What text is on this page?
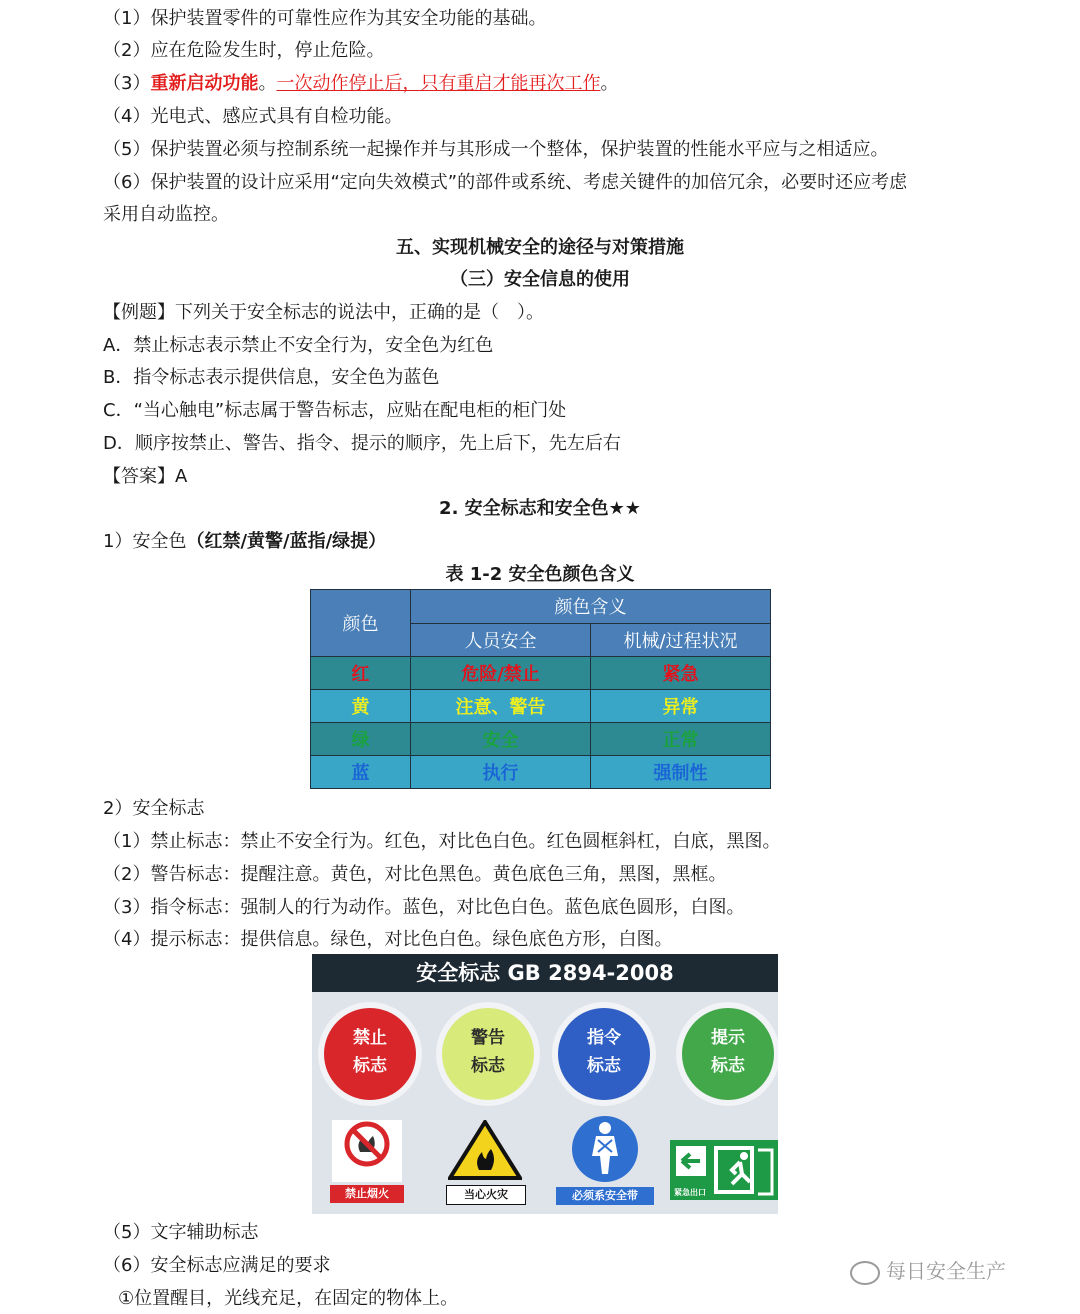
（1）保护装置零件的可靠性应作为其安全功能的基础。
（2）应在危险发生时，停止危险。
（3）重新启动功能。一次动作停止后，只有重启才能再次工作。
（4）光电式、感应式具有自检功能。
（5）保护装置必须与控制系统一起操作并与其形成一个整体，保护装置的性能水平应与之相适应。
（6）保护装置的设计应采用“定向失效模式”的部件或系统、考虑关键件的加倍冗余，必要时还应考虑
采用自动监控。
五、实现机械安全的途径与对策措施
（三）安全信息的使用
【例题】下列关于安全标志的说法中，正确的是（　）。
A．禁止标志表示禁止不安全行为，安全色为红色
B．指令标志表示提供信息，安全色为蓝色
C．“当心触电”标志属于警告标志，应贴在配电柜的柜门处
D．顺序按禁止、警告、指令、提示的顺序，先上后下，先左后右
【答案】A
2. 安全标志和安全色★★
1）安全色（红禁/黄警/蓝指/绿提）
表 1-2 安全色颜色含义
颜色	颜色含义	
	人员安全	机械/过程状况
红	危险/禁止	紧急
黄	注意、警告	异常
绿	安全	正常
蓝	执行	强制性
2）安全标志
（1）禁止标志：禁止不安全行为。红色，对比色白色。红色圆框斜杠，白底，黑图。
（2）警告标志：提醒注意。黄色，对比色黑色。黄色底色三角，黑图，黑框。
（3）指令标志：强制人的行为动作。蓝色，对比色白色。蓝色底色圆形，白图。
（4）提示标志：提供信息。绿色，对比色白色。绿色底色方形，白图。
安全标志 GB 2894-2008
禁止
标志
警告
标志
指令
标志
提示
标志
禁止烟火	当心火灾	必须系安全带	紧急出口
（5）文字辅助标志
（6）安全标志应满足的要求
①位置醒目，光线充足，在固定的物体上。
每日安全生产
